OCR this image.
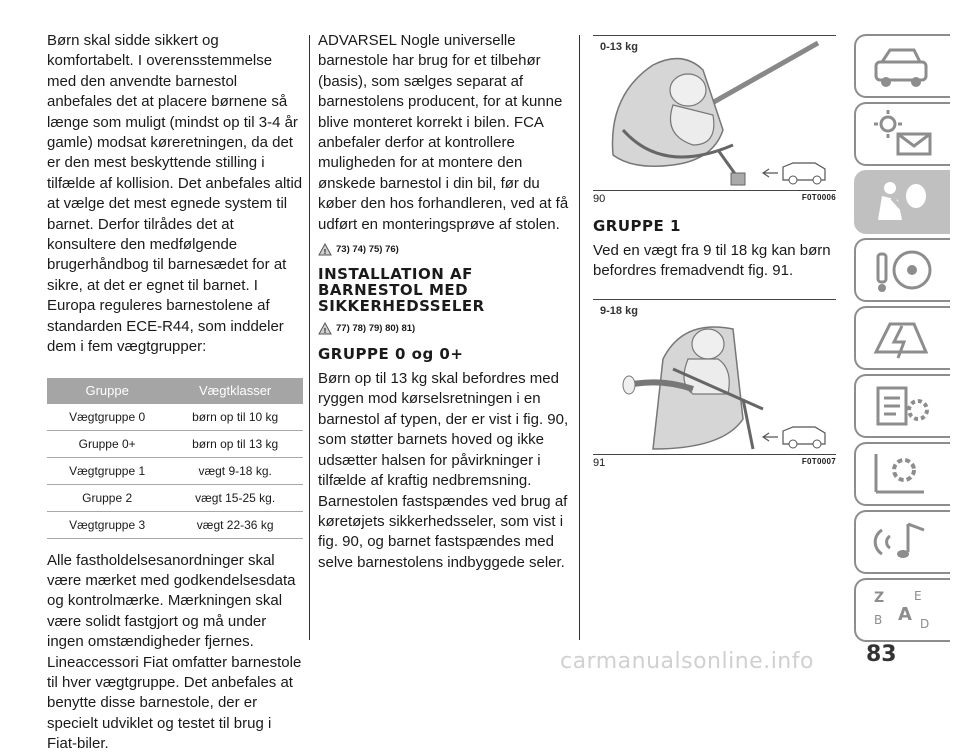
Børn skal sidde sikkert og komfortabelt. I overensstemmelse med den anvendte barnestol anbefales det at placere børnene så længe som muligt (mindst op til 3-4 år gamle) modsat køreretningen, da det er den mest beskyttende stilling i tilfælde af kollision. Det anbefales altid at vælge det mest egnede system til barnet. Derfor tilrådes det at konsultere den medfølgende brugerhåndbog til barnesædet for at sikre, at det er egnet til barnet. I Europa reguleres barnestolene af standarden ECE-R44, som inddeler dem i fem vægtgrupper:

Gruppe	Vægtklasser
Vægtgruppe 0	børn op til 10 kg
Gruppe 0+	børn op til 13 kg
Vægtgruppe 1	vægt 9-18 kg.
Gruppe 2	vægt 15-25 kg.
Vægtgruppe 3	vægt 22-36 kg

Alle fastholdelsesanordninger skal være mærket med godkendelsesdata og kontrolmærke. Mærkningen skal være solidt fastgjort og må under ingen omstændigheder fjernes. Lineaccessori Fiat omfatter barnestole til hver vægtgruppe. Det anbefales at benytte disse barnestole, der er specielt udviklet og testet til brug i Fiat-biler.

ADVARSEL Nogle universelle barnestole har brug for et tilbehør (basis), som sælges separat af barnestolens producent, for at kunne blive monteret korrekt i bilen. FCA anbefaler derfor at kontrollere muligheden for at montere den ønskede barnestol i din bil, før du køber den hos forhandleren, ved at få udført en monteringsprøve af stolen.

! 73) 74) 75) 76)
INSTALLATION AF BARNESTOL MED SIKKERHEDSSELER
! 77) 78) 79) 80) 81)
GRUPPE 0 og 0+

Børn op til 13 kg skal befordres med ryggen mod kørselsretningen i en barnestol af typen, der er vist i fig. 90, som støtter barnets hoved og ikke udsætter halsen for påvirkninger i tilfælde af kraftig nedbremsning. Barnestolen fastspændes ved brug af køretøjets sikkerhedsseler, som vist i fig. 90, og barnet fastspændes med selve barnestolens indbyggede seler.

0-13 kg
90	F0T0006
GRUPPE 1

Ved en vægt fra 9 til 18 kg kan børn befordres fremadvendt fig. 91.

9-18 kg
91	F0T0007
Z E
B A D
83
carmanualsonline.info
